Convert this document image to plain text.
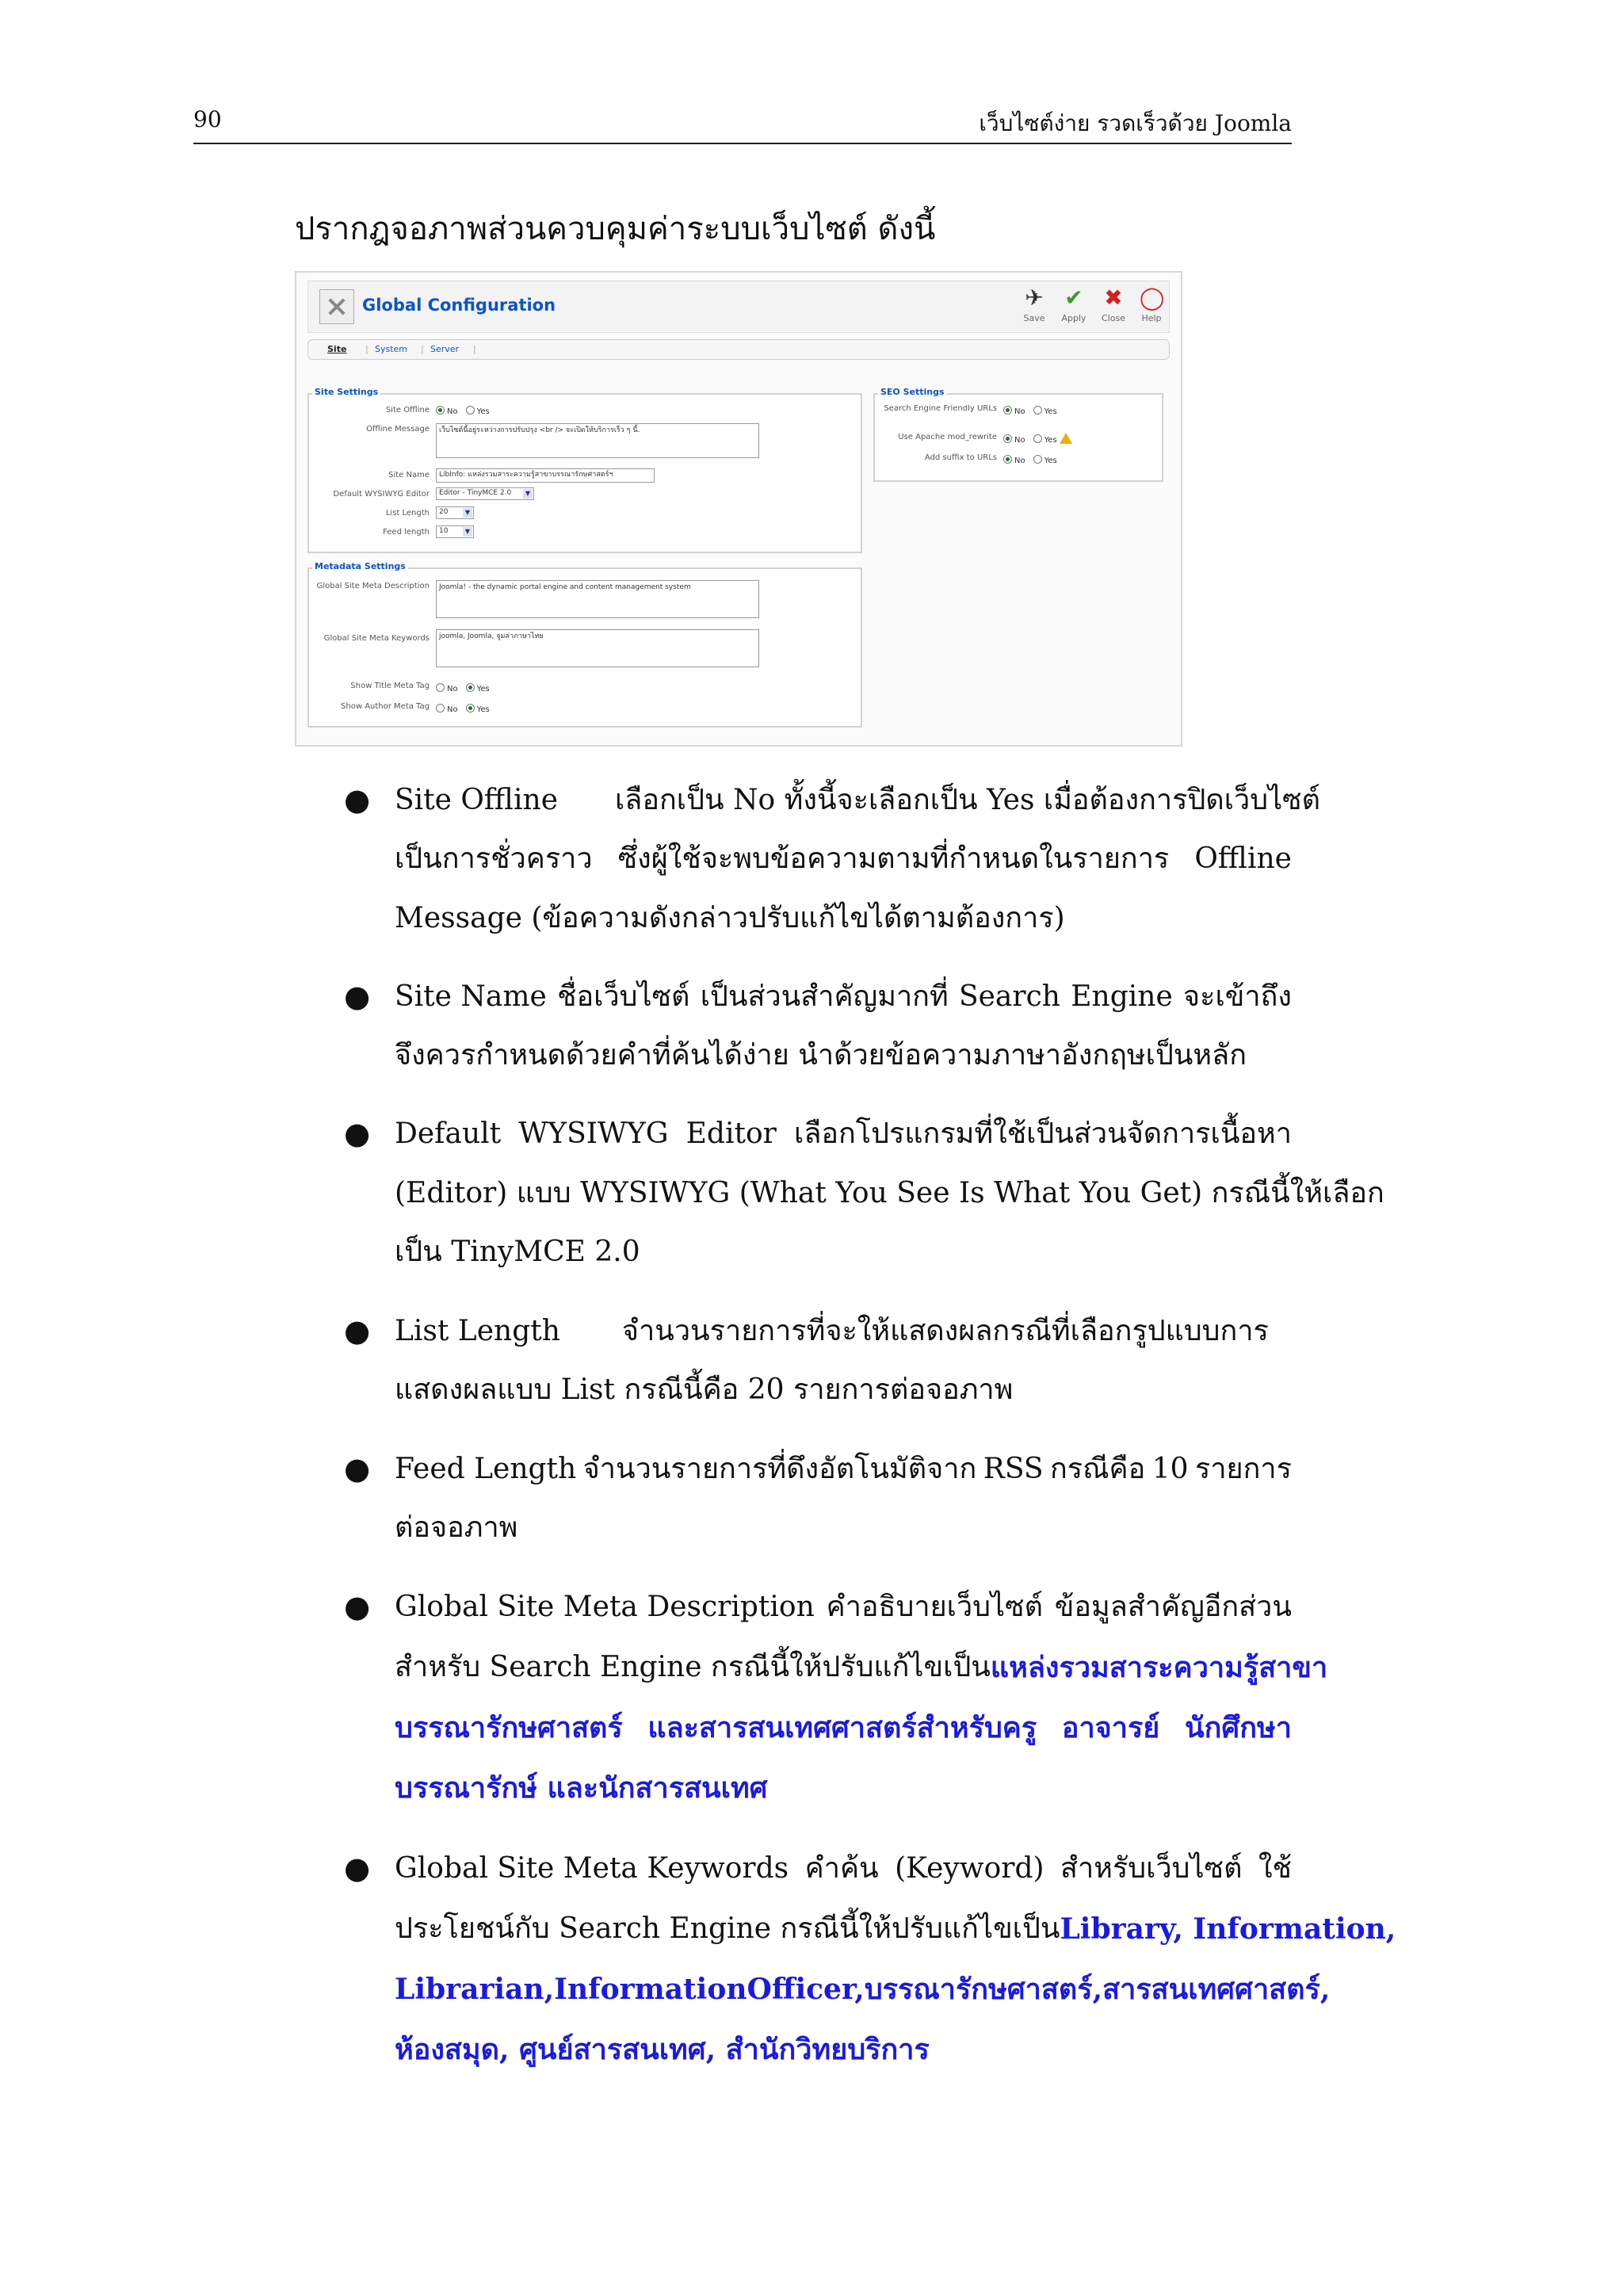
90	เว็บไซต์ง่าย รวดเร็วด้วย Joomla
ปรากฎจอภาพส่วนควบคุมค่าระบบเว็บไซต์ ดังนี้
Global Configuration	✈
Save
✔
Apply
✖
Close
◯
Help
Site | System | Server |
Site Settings
Site Offline	No Yes
Offline Message	เว็บไซต์นี้อยู่ระหว่างการปรับปรุง <br /> จะเปิดให้บริการเร็ว ๆ นี้.
Site Name	LibInfo: แหล่งรวมสาระความรู้สาขาบรรณารักษศาสตร์ฯ
Default WYSIWYG Editor	Editor - TinyMCE 2.0	▼
List Length	20	▼
Feed length	10	▼
SEO Settings
Search Engine Friendly URLs	No Yes
Use Apache mod_rewrite	No Yes
Add suffix to URLs	No Yes
Metadata Settings
Global Site Meta Description	Joomla! - the dynamic portal engine and content management system
Global Site Meta Keywords	joomla, Joomla, จูมล่าภาษาไทย
Show Title Meta Tag	No Yes
Show Author Meta Tag	No Yes
● Site Offline เลือกเป็น No ทั้งนี้จะเลือกเป็น Yes เมื่อต้องการปิดเว็บไซต์
เป็นการชั่วคราว ซึ่งผู้ใช้จะพบข้อความตามที่กำหนดในรายการ Offline
Message (ข้อความดังกล่าวปรับแก้ไขได้ตามต้องการ)
● Site Name ชื่อเว็บไซต์ เป็นส่วนสำคัญมากที่ Search Engine จะเข้าถึง
จึงควรกำหนดด้วยคำที่ค้นได้ง่าย นำด้วยข้อความภาษาอังกฤษเป็นหลัก
● Default WYSIWYG Editor เลือกโปรแกรมที่ใช้เป็นส่วนจัดการเนื้อหา
(Editor) แบบ WYSIWYG (What You See Is What You Get) กรณีนี้ให้เลือก
เป็น TinyMCE 2.0
● List Length จำนวนรายการที่จะให้แสดงผลกรณีที่เลือกรูปแบบการ
แสดงผลแบบ List กรณีนี้คือ 20 รายการต่อจอภาพ
● Feed Length จำนวนรายการที่ดึงอัตโนมัติจาก RSS กรณีคือ 10 รายการ
ต่อจอภาพ
● Global Site Meta Description คำอธิบายเว็บไซต์ ข้อมูลสำคัญอีกส่วน
สำหรับ Search Engine กรณีนี้ให้ปรับแก้ไขเป็น แหล่งรวมสาระความรู้สาขา
บรรณารักษศาสตร์ และสารสนเทศศาสตร์สำหรับครู อาจารย์ นักศึกษา
บรรณารักษ์ และนักสารสนเทศ
● Global Site Meta Keywords คำค้น (Keyword) สำหรับเว็บไซต์ ใช้
ประโยชน์กับ Search Engine กรณีนี้ให้ปรับแก้ไขเป็น Library, Information,
Librarian, Information Officer, บรรณารักษศาสตร์, สารสนเทศศาสตร์,
ห้องสมุด, ศูนย์สารสนเทศ, สำนักวิทยบริการ
